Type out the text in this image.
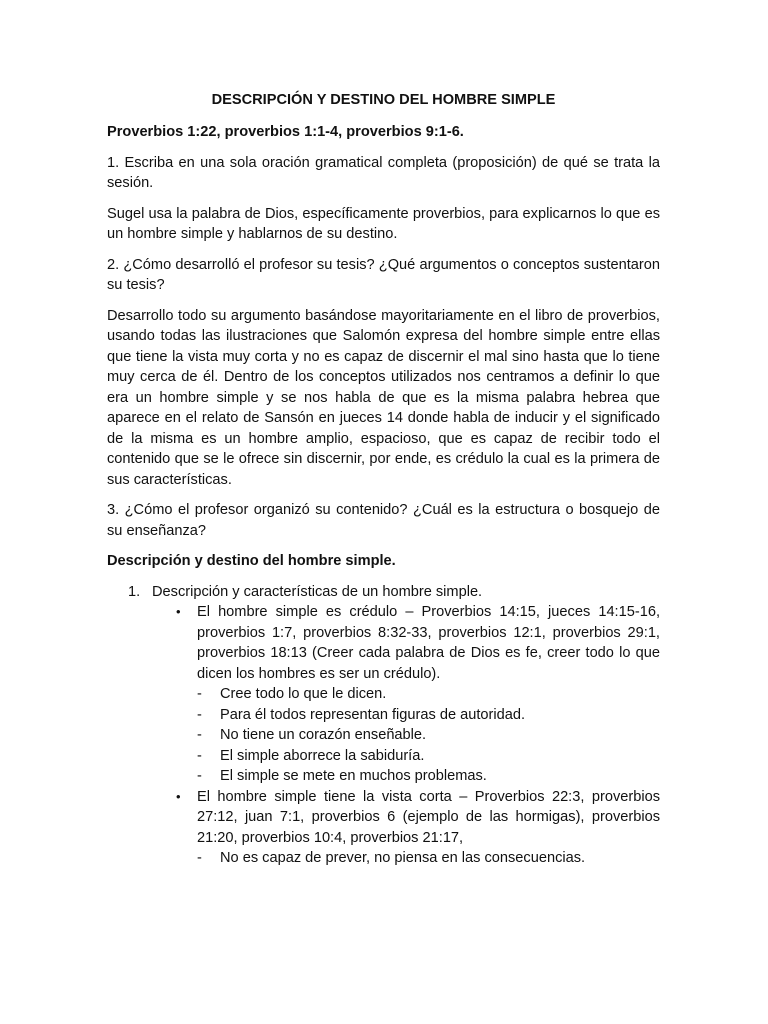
DESCRIPCIÓN Y DESTINO DEL HOMBRE SIMPLE
Proverbios 1:22, proverbios 1:1-4, proverbios 9:1-6.

1. Escriba en una sola oración gramatical completa (proposición) de qué se trata la sesión.

Sugel usa la palabra de Dios, específicamente proverbios, para explicarnos lo que es un hombre simple y hablarnos de su destino.

2. ¿Cómo desarrolló el profesor su tesis? ¿Qué argumentos o conceptos sustentaron su tesis?

Desarrollo todo su argumento basándose mayoritariamente en el libro de proverbios, usando todas las ilustraciones que Salomón expresa del hombre simple entre ellas que tiene la vista muy corta y no es capaz de discernir el mal sino hasta que lo tiene muy cerca de él. Dentro de los conceptos utilizados nos centramos a definir lo que era un hombre simple y se nos habla de que es la misma palabra hebrea que aparece en el relato de Sansón en jueces 14 donde habla de inducir y el significado de la misma es un hombre amplio, espacioso, que es capaz de recibir todo el contenido que se le ofrece sin discernir, por ende, es crédulo la cual es la primera de sus características.

3. ¿Cómo el profesor organizó su contenido? ¿Cuál es la estructura o bosquejo de su enseñanza?

Descripción y destino del hombre simple.
1. Descripción y características de un hombre simple.
•	El hombre simple es crédulo – Proverbios 14:15, jueces 14:15-16, proverbios 1:7, proverbios 8:32-33, proverbios 12:1, proverbios 29:1, proverbios 18:13 (Creer cada palabra de Dios es fe, creer todo lo que dicen los hombres es ser un crédulo).
-	Cree todo lo que le dicen.
-	Para él todos representan figuras de autoridad.
-	No tiene un corazón enseñable.
-	El simple aborrece la sabiduría.
-	El simple se mete en muchos problemas.
•	El hombre simple tiene la vista corta – Proverbios 22:3, proverbios 27:12, juan 7:1, proverbios 6 (ejemplo de las hormigas), proverbios 21:20, proverbios 10:4, proverbios 21:17,
-	No es capaz de prever, no piensa en las consecuencias.
